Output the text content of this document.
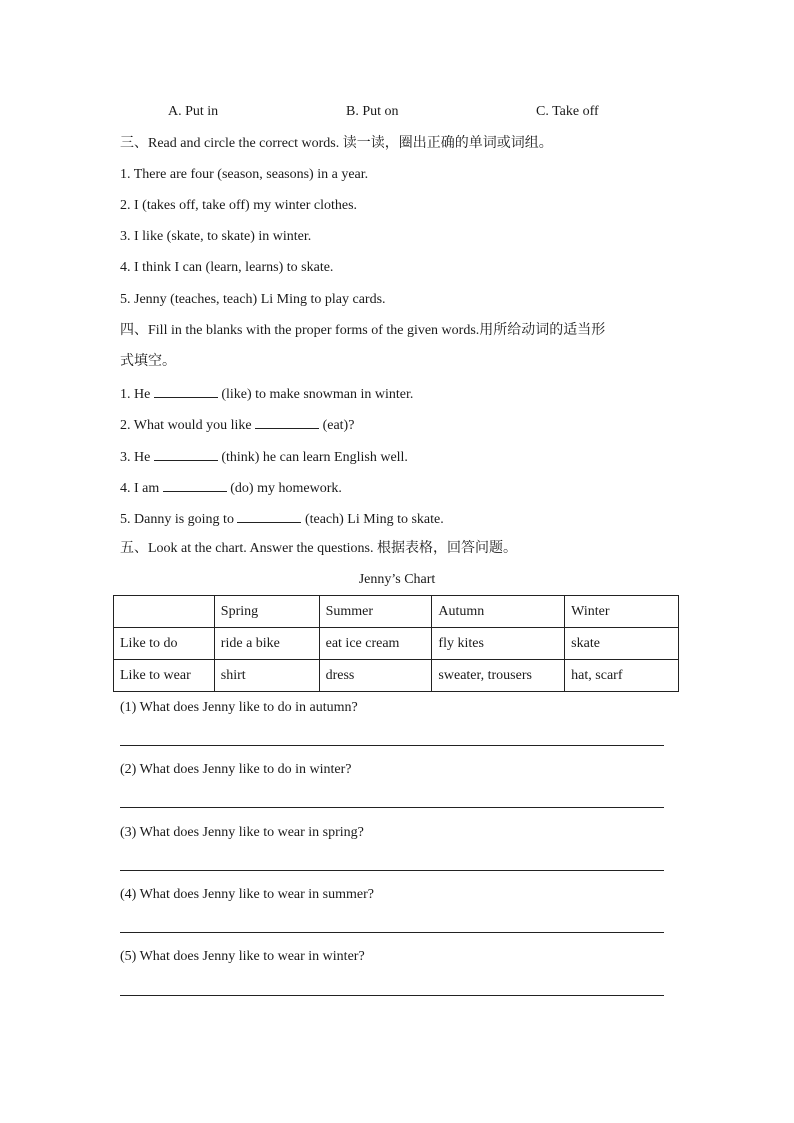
A. Put in	B. Put on	C. Take off
三、Read and circle the correct words. 读一读，圈出正确的单词或词组。
1. There are four (season, seasons) in a year.
2. I (takes off, take off) my winter clothes.
3. I like (skate, to skate) in winter.
4. I think I can (learn, learns) to skate.
5. Jenny (teaches, teach) Li Ming to play cards.
四、Fill in the blanks with the proper forms of the given words.用所给动词的适当形
式填空。
1. He	(like) to make snowman in winter.
2. What would you like	(eat)?
3. He	(think) he can learn English well.
4. I am	(do) my homework.
5. Danny is going to	(teach) Li Ming to skate.
五、Look at the chart. Answer the questions. 根据表格，回答问题。
Jenny’s Chart
	Spring	Summer	Autumn	Winter
Like to do	ride a bike	eat ice cream	fly kites	skate
Like to wear	shirt	dress	sweater, trousers	hat, scarf
(1) What does Jenny like to do in autumn?
(2) What does Jenny like to do in winter?
(3) What does Jenny like to wear in spring?
(4) What does Jenny like to wear in summer?
(5) What does Jenny like to wear in winter?
